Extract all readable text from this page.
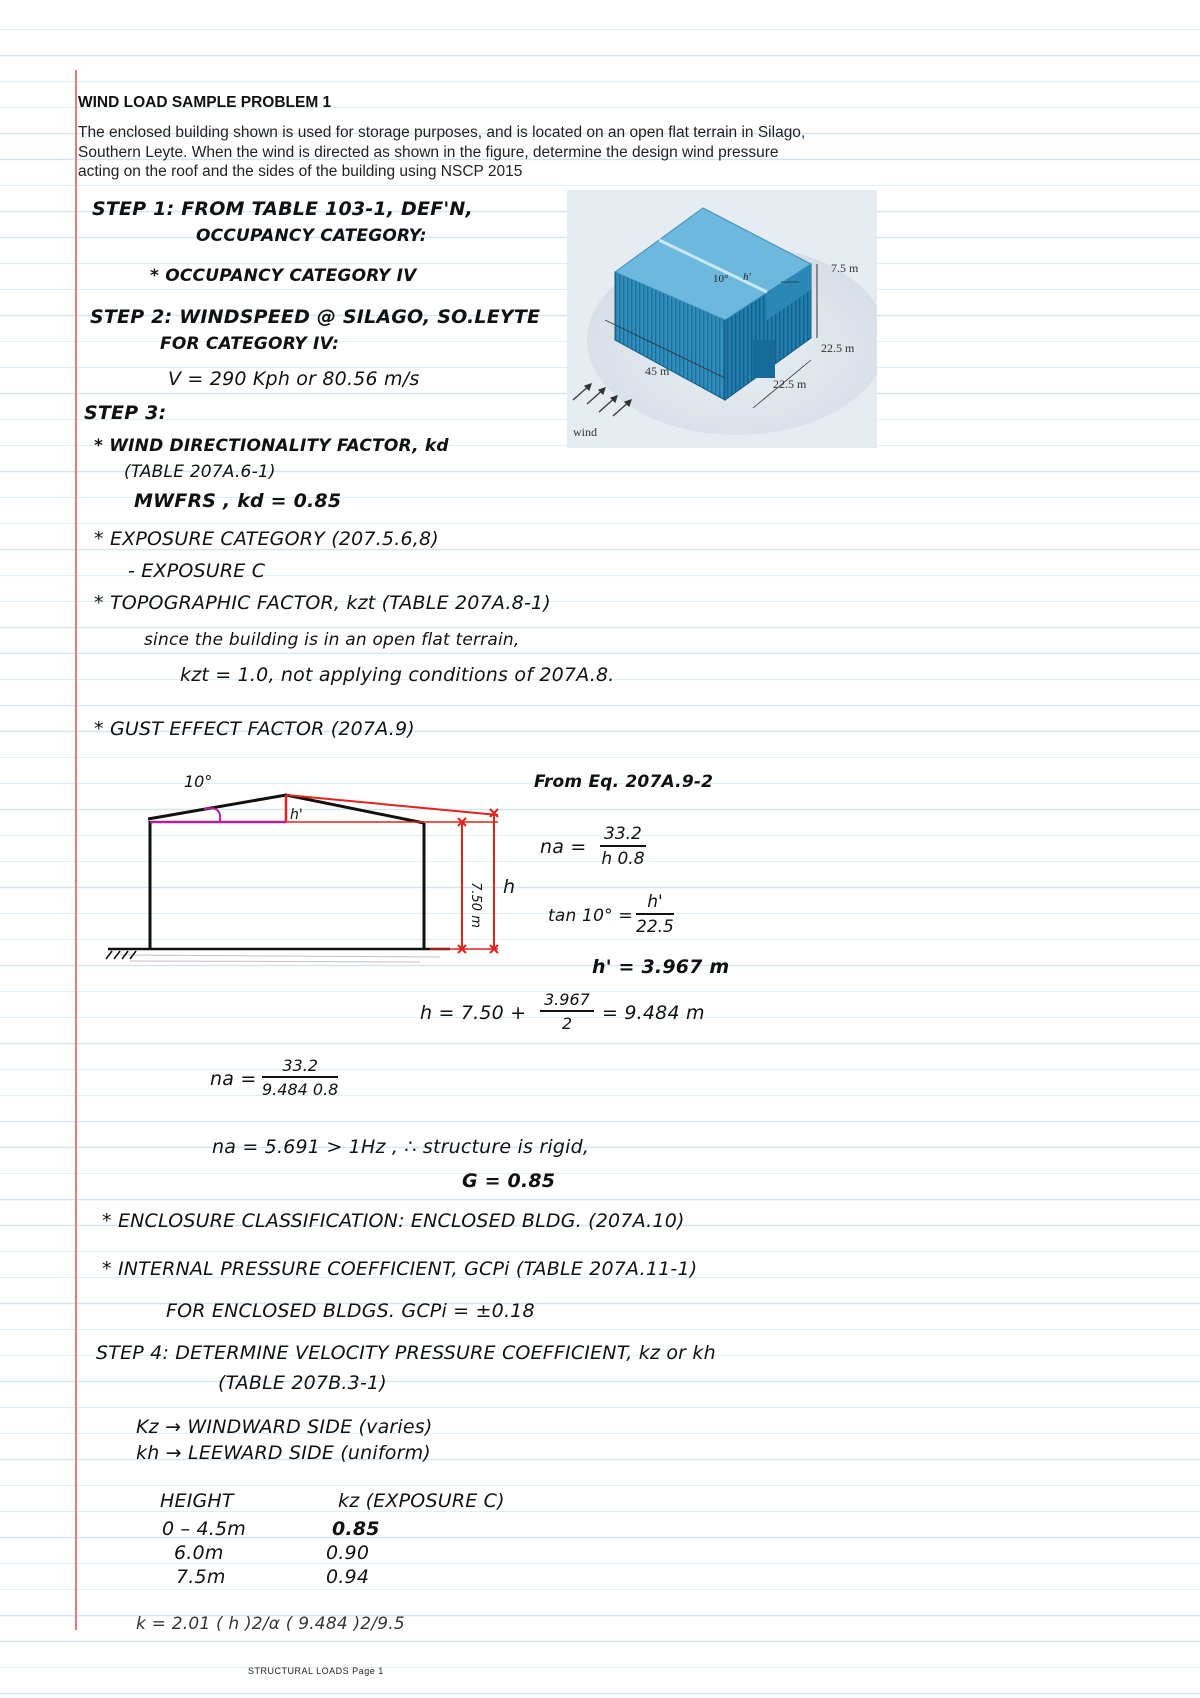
WIND LOAD SAMPLE PROBLEM 1
The enclosed building shown is used for storage purposes, and is located on an open flat terrain in Silago, Southern Leyte. When the wind is directed as shown in the figure, determine the design wind pressure acting on the roof and the sides of the building using NSCP 2015
10° h'
7.5 m
22.5 m
22.5 m
45 m
wind
STEP 1: FROM TABLE 103-1, DEF'N,
OCCUPANCY CATEGORY:
* OCCUPANCY CATEGORY IV
STEP 2: WINDSPEED @ SILAGO, SO.LEYTE
FOR CATEGORY IV:
V = 290 Kph or 80.56 m/s
STEP 3:
* WIND DIRECTIONALITY FACTOR, kd
(TABLE 207A.6-1)
MWFRS , kd = 0.85
* EXPOSURE CATEGORY (207.5.6,8)
- EXPOSURE C
* TOPOGRAPHIC FACTOR, kzt (TABLE 207A.8-1)
since the building is in an open flat terrain,
kzt = 1.0, not applying conditions of 207A.8.
* GUST EFFECT FACTOR (207A.9)
From Eq. 207A.9-2
10°
h'
7.50 m h
na = $\frac{33.2}{h 0.8}$
$\tan 10^\circ = \frac{h'}{22.5}$
h' = 3.967 m
$h = 7.50 + \frac{3.967}{2} = 9.484$ m
na = $\frac{33.2}{9.484 0.8}$
na = 5.691 > 1Hz , ∴ structure is rigid,
G = 0.85
* ENCLOSURE CLASSIFICATION: ENCLOSED BLDG. (207A.10)
* INTERNAL PRESSURE COEFFICIENT, GCPi (TABLE 207A.11-1)
FOR ENCLOSED BLDGS. GCPi = ±0.18
STEP 4: DETERMINE VELOCITY PRESSURE COEFFICIENT, kz or kh
(TABLE 207B.3-1)
Kz → WINDWARD SIDE (varies)
kh → LEEWARD SIDE (uniform)
HEIGHT	kz (EXPOSURE C)
0 – 4.5m	0.85
6.0m	0.90
7.5m	0.94
k = 2.01 ( h )2/α ( 9.484 )2/9.5
STRUCTURAL LOADS Page 1
